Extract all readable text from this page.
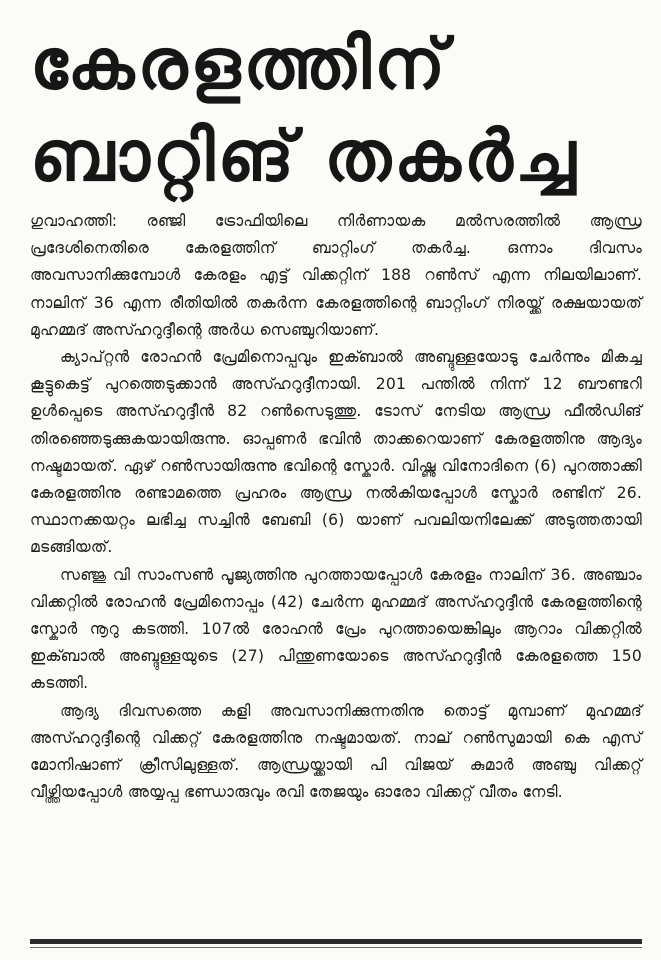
കേരളത്തിന്
ബാറ്റിങ് തകർച്ച

ഗുവാഹത്തി: രഞ്ജി ട്രോഫിയിലെ നിർണായക മൽസരത്തിൽ ആന്ധ്ര പ്രദേശിനെതിരെ കേരളത്തിന് ബാറ്റിംഗ് തകർച്ച. ഒന്നാം ദിവസം അവസാനിക്കുമ്പോൾ കേരളം എട്ട് വിക്കറ്റിന് 188 റൺസ് എന്ന നിലയിലാണ്. നാലിന് 36 എന്ന രീതിയിൽ തകർന്ന കേരളത്തിന്റെ ബാറ്റിംഗ് നിരയ്ക്ക് രക്ഷയായത് മുഹമ്മദ് അസ്ഹറുദ്ദീന്റെ അർധ സെഞ്ചുറിയാണ്.

ക്യാപ്റ്റൻ രോഹൻ പ്രേമിനൊപ്പവും ഇക്ബാൽ അബ്ദുള്ളയോടു ചേർന്നും മികച്ച കൂട്ടുകെട്ട് പുറത്തെടുക്കാൻ അസ്ഹറുദ്ദീനായി. 201 പന്തിൽ നിന്ന് 12 ബൗണ്ടറി ഉൾപ്പെടെ അസ്ഹറുദ്ദീൻ 82 റൺസെടുത്തു. ടോസ് നേടിയ ആന്ധ്ര ഫീൽഡിങ് തിരഞ്ഞെടുക്കുകയായിരുന്നു. ഓപ്പണർ ഭവിൻ താക്കറെയാണ് കേരളത്തിനു ആദ്യം നഷ്ടമായത്. ഏഴ് റൺസായിരുന്നു ഭവിന്റെ സ്കോർ. വിഷ്ണു വിനോദിനെ (6) പുറത്താക്കി കേരളത്തിനു രണ്ടാമത്തെ പ്രഹരം ആന്ധ്ര നൽകിയപ്പോൾ സ്കോർ രണ്ടിന് 26. സ്ഥാനക്കയറ്റം ലഭിച്ച സച്ചിൻ ബേബി (6) യാണ് പവലിയനിലേക്ക് അടുത്തതായി മടങ്ങിയത്.

സഞ്ജു വി സാംസൺ പൂജ്യത്തിനു പുറത്തായപ്പോൾ കേരളം നാലിന് 36. അഞ്ചാം വിക്കറ്റിൽ രോഹൻ പ്രേമിനൊപ്പം (42) ചേർന്ന മുഹമ്മദ് അസ്ഹറുദ്ദീൻ കേരളത്തിന്റെ സ്കോർ നൂറു കടത്തി. 107ൽ രോഹൻ പ്രേം പുറത്തായെങ്കിലും ആറാം വിക്കറ്റിൽ ഇക്ബാൽ അബ്ദുള്ളയുടെ (27) പിന്തുണയോടെ അസ്ഹറുദ്ദീൻ കേരളത്തെ 150 കടത്തി.

ആദ്യ ദിവസത്തെ കളി അവസാനിക്കുന്നതിനു തൊട്ട് മുമ്പാണ് മുഹമ്മദ് അസ്ഹറുദ്ദീന്റെ വിക്കറ്റ് കേരളത്തിനു നഷ്ടമായത്. നാല് റൺസുമായി കെ എസ് മോനിഷാണ് ക്രീസിലുള്ളത്. ആന്ധ്രയ്ക്കായി പി വിജയ് കുമാർ അഞ്ചു വിക്കറ്റ് വീഴ്ത്തിയപ്പോൾ അയ്യപ്പ ഭണ്ഡാരുവും രവി തേജയും ഓരോ വിക്കറ്റ് വീതം നേടി.
